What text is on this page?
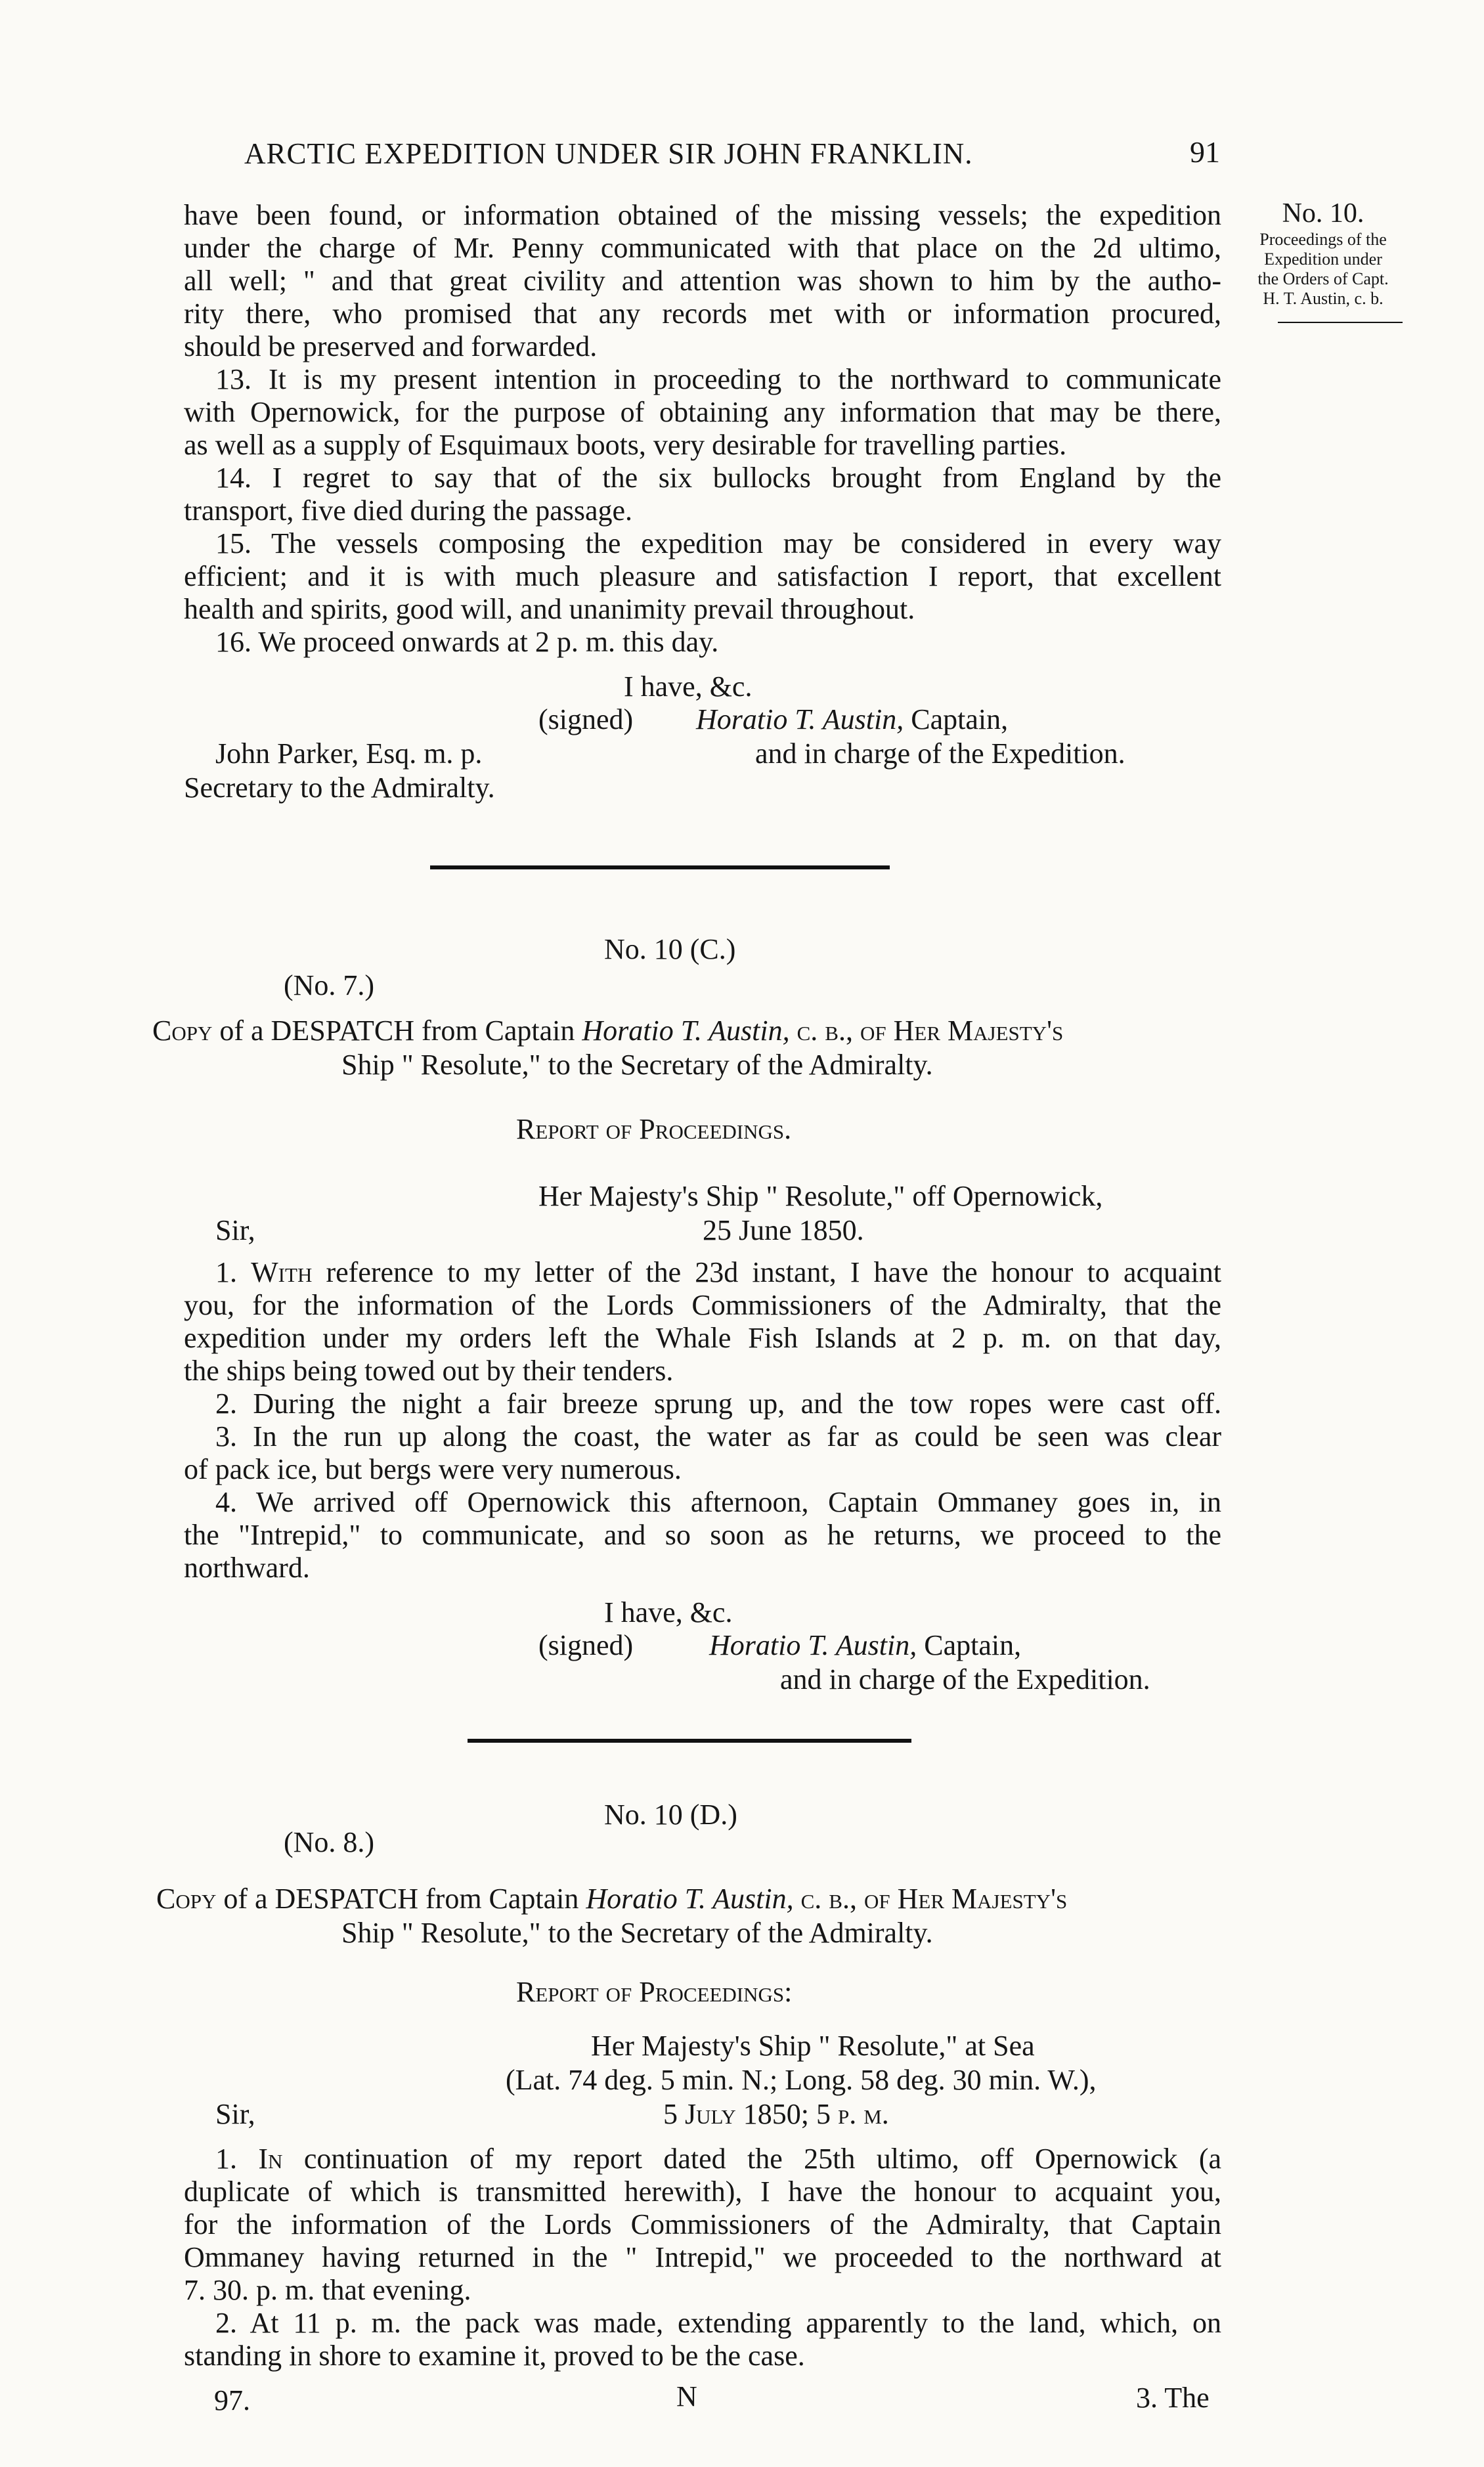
ARCTIC EXPEDITION UNDER SIR JOHN FRANKLIN.	91
No. 10.
Proceedings of the
Expedition under
the Orders of Capt.
H. T. Austin, c. b.
have been found, or information obtained of the missing vessels; the expedition
under the charge of Mr. Penny communicated with that place on the 2d ultimo,
all well; " and that great civility and attention was shown to him by the autho-
rity there, who promised that any records met with or information procured,
should be preserved and forwarded.
13. It is my present intention in proceeding to the northward to communicate
with Opernowick, for the purpose of obtaining any information that may be there,
as well as a supply of Esquimaux boots, very desirable for travelling parties.
14. I regret to say that of the six bullocks brought from England by the
transport, five died during the passage.
15. The vessels composing the expedition may be considered in every way
efficient; and it is with much pleasure and satisfaction I report, that excellent
health and spirits, good will, and unanimity prevail throughout.
16. We proceed onwards at 2 p. m. this day.
I have, &c.
(signed) Horatio T. Austin, Captain,
and in charge of the Expedition.
John Parker, Esq. m. p.
Secretary to the Admiralty.
No. 10 (C.)
(No. 7.)
Copy of a DESPATCH from Captain Horatio T. Austin, c. b., of Her Majesty's
Ship " Resolute," to the Secretary of the Admiralty.
Report of Proceedings.
Her Majesty's Ship " Resolute," off Opernowick,
Sir,	25 June 1850.
1. With reference to my letter of the 23d instant, I have the honour to acquaint
you, for the information of the Lords Commissioners of the Admiralty, that the
expedition under my orders left the Whale Fish Islands at 2 p. m. on that day,
the ships being towed out by their tenders.
2. During the night a fair breeze sprung up, and the tow ropes were cast off.
3. In the run up along the coast, the water as far as could be seen was clear
of pack ice, but bergs were very numerous.
4. We arrived off Opernowick this afternoon, Captain Ommaney goes in, in
the "Intrepid," to communicate, and so soon as he returns, we proceed to the
northward.
I have, &c.
(signed)	Horatio T. Austin, Captain,
and in charge of the Expedition.
No. 10 (D.)
(No. 8.)
Copy of a DESPATCH from Captain Horatio T. Austin, c. b., of Her Majesty's
Ship " Resolute," to the Secretary of the Admiralty.
Report of Proceedings:
Her Majesty's Ship " Resolute," at Sea
(Lat. 74 deg. 5 min. N.; Long. 58 deg. 30 min. W.),
Sir,	5 July 1850; 5 p. m.
1. In continuation of my report dated the 25th ultimo, off Opernowick (a
duplicate of which is transmitted herewith), I have the honour to acquaint you,
for the information of the Lords Commissioners of the Admiralty, that Captain
Ommaney having returned in the " Intrepid," we proceeded to the northward at
7. 30. p. m. that evening.
2. At 11 p. m. the pack was made, extending apparently to the land, which, on
standing in shore to examine it, proved to be the case.
97.	N	3. The
